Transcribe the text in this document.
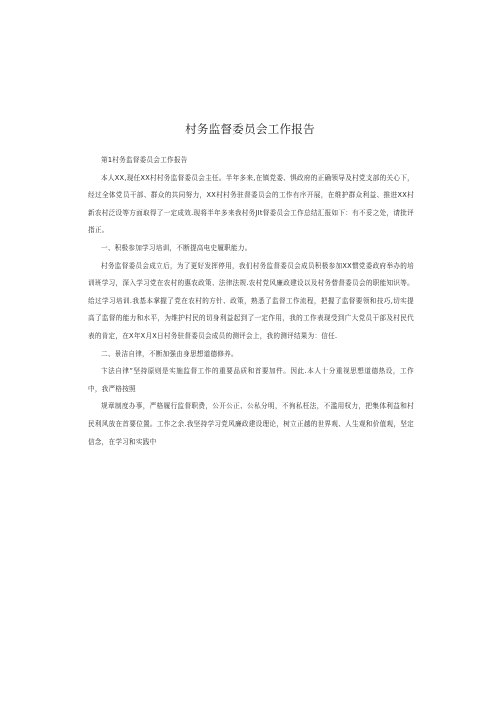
村务监督委员会工作报告

第1村务监督委员会工作报告

本人XX,现任XX村村务监督委员会主任。半年多来,在镇党委、惧政府的正确领导及村党支部的关心下，经过全体党员干部、群众的共同努力，XX村村务驻督委员会的工作有序开展，在维护群众利益、推进XX村新农村泛设等方面取得了一定成效.现将半年多来我村务JIt督委员会工作总结汇报如下：有不妥之处，请批评指正。

一、积极参加学习培训，不断提高电史履职能力。

村务监督委员会成立后，为了更好发挥停用，我们村务监督委员会成员积极参加XX惯党委政府举办的培训班学习，深入学习党在农村的惠农政策、法律法规.农村党风廉政建设以及村务替督委员会的职能知识等。给过学习培训.我基本掌握了党在农村的方针、政策，熟悉了监督工作流程，把握了监督要领和技巧,切实提高了监督的能力和水平，为维护村民的切身利益起到了一定作用，我的工作表现受到广大党员干部及村民代表的肯定，在X年X月X日村务驻督委员会成员的测评会上，我的测评结果为：信任.

二、景洁自律，不断加强由身思想道德修养。

卞法自律”坚持原则是实施监督工作的重要品质和首要加件。因此.本人十分重视思想道德热设，工作中，我严格按照

规章制度办事，严格履行监督职费，公开公正、公私分明，不徇私枉法，不滥用权力，把集体利益和村民利风放在首要位置。工作之余.我坚持学习党风廉政建设理论，树立正越的世界观、人生观和价值观，坚定信念，在学习和实践中
